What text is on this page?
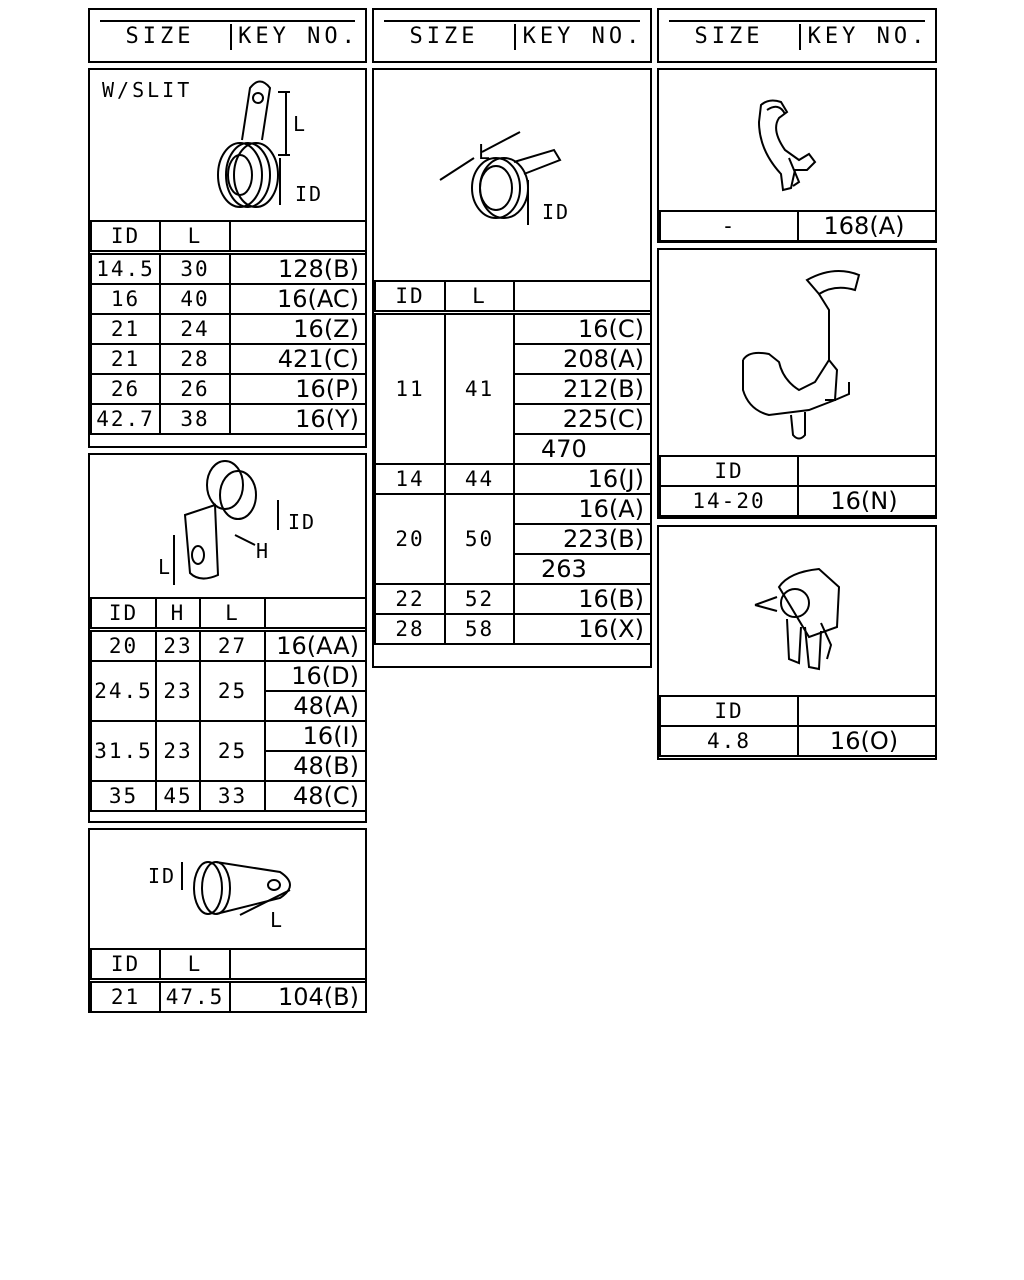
SIZE	KEY NO.	SIZE	KEY NO.	SIZE	KEY NO.
W/SLIT
L
ID
ID	L	
14.5	30	128(B)
16	40	16(AC)
21	24	16(Z)
21	28	421(C)
26	26	16(P)
42.7	38	16(Y)
ID
H
L
ID	H	L	
20	23	27	16(AA)
24.5	23	25	16(D)
			48(A)
31.5	23	25	16(I)
			48(B)
35	45	33	48(C)
ID
L
ID	L	
21	47.5	104(B)
L
ID
ID	L	
11	41	16(C)
		208(A)
		212(B)
		225(C)
		470
14	44	16(J)
20	50	16(A)
		223(B)
		263
22	52	16(B)
28	58	16(X)
-	168(A)
ID	
14-20	16(N)
ID	
4.8	16(O)
